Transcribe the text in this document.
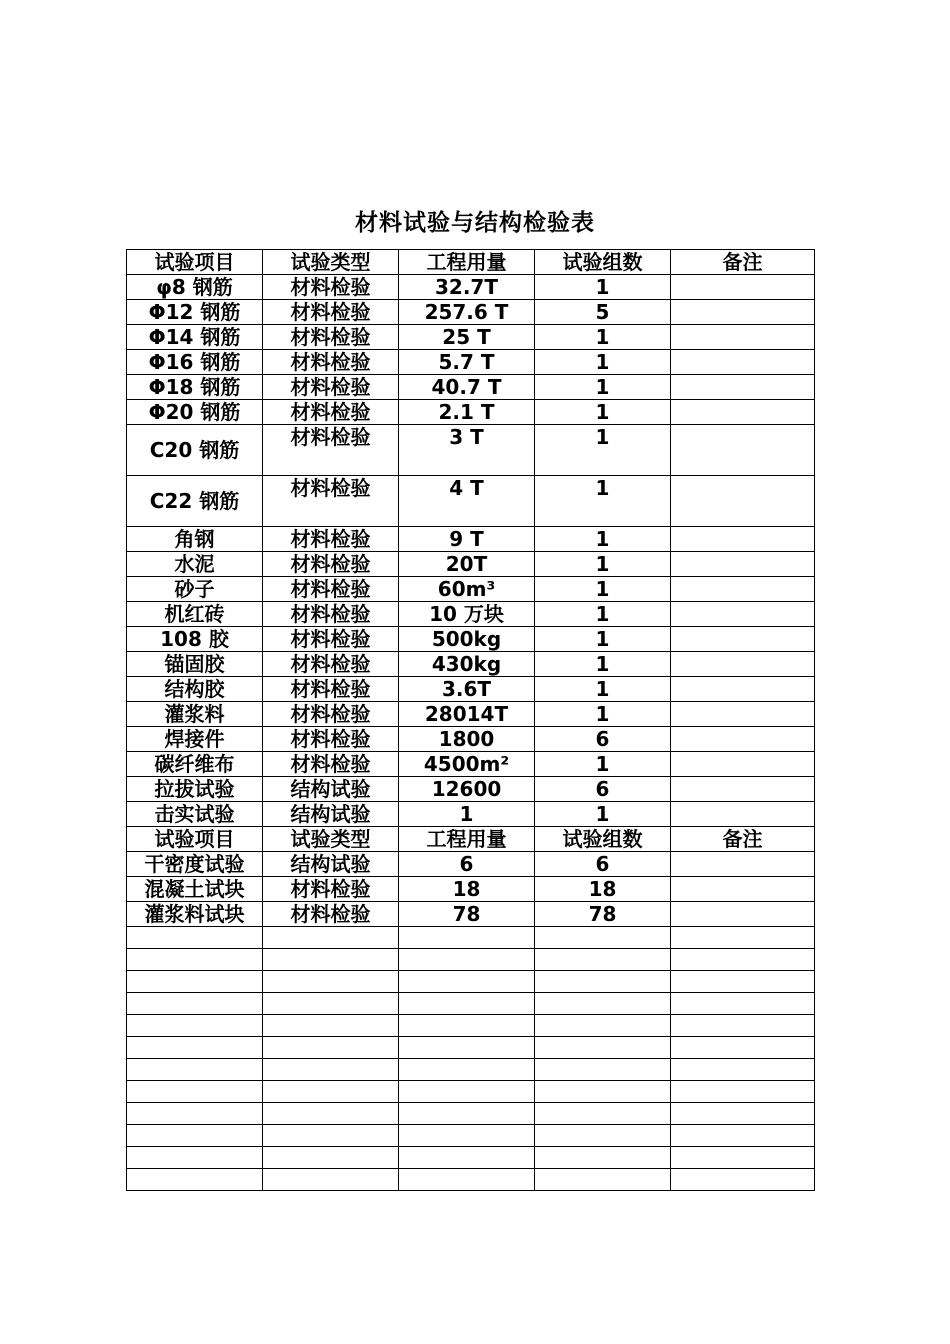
材料试验与结构检验表
试验项目	试验类型	工程用量	试验组数	备注
φ8 钢筋	材料检验	32.7T	1	
Φ12 钢筋	材料检验	257.6 T	5	
Φ14 钢筋	材料检验	25 T	1	
Φ16 钢筋	材料检验	5.7 T	1	
Φ18 钢筋	材料检验	40.7 T	1	
Φ20 钢筋	材料检验	2.1 T	1	
C20 钢筋	材料检验	3 T	1	
C22 钢筋	材料检验	4 T	1	
角钢	材料检验	9 T	1	
水泥	材料检验	20T	1	
砂子	材料检验	60m³	1	
机红砖	材料检验	10 万块	1	
108 胶	材料检验	500kg	1	
锚固胶	材料检验	430kg	1	
结构胶	材料检验	3.6T	1	
灌浆料	材料检验	28014T	1	
焊接件	材料检验	1800	6	
碳纤维布	材料检验	4500m²	1	
拉拔试验	结构试验	12600	6	
击实试验	结构试验	1	1	
试验项目	试验类型	工程用量	试验组数	备注
干密度试验	结构试验	6	6	
混凝土试块	材料检验	18	18	
灌浆料试块	材料检验	78	78	
